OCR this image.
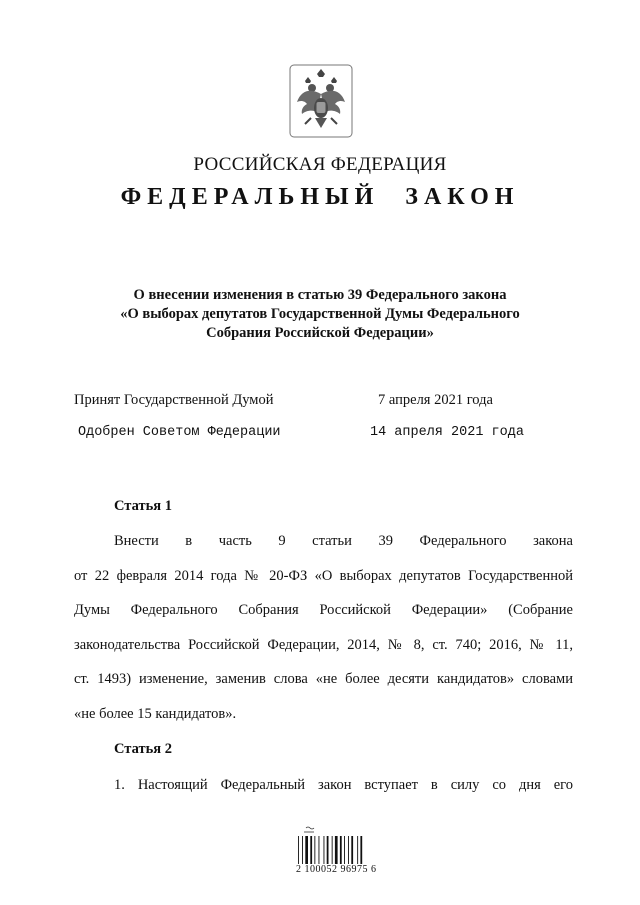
РОССИЙСКАЯ ФЕДЕРАЦИЯ
ФЕДЕРАЛЬНЫЙ ЗАКОН
О внесении изменения в статью 39 Федерального закона
«О выборах депутатов Государственной Думы Федерального
Собрания Российской Федерации»
Принят Государственной Думой	7 апреля 2021 года
Одобрен Советом Федерации	14 апреля 2021 года
Статья 1
Внести в часть 9 статьи 39 Федерального закона
от 22 февраля 2014 года № 20-ФЗ «О выборах депутатов Государственной
Думы Федерального Собрания Российской Федерации» (Собрание
законодательства Российской Федерации, 2014, № 8, ст. 740; 2016, № 11,
ст. 1493) изменение, заменив слова «не более десяти кандидатов» словами
«не более 15 кандидатов».
Статья 2
1. Настоящий Федеральный закон вступает в силу со дня его
2 100052 96975 6
